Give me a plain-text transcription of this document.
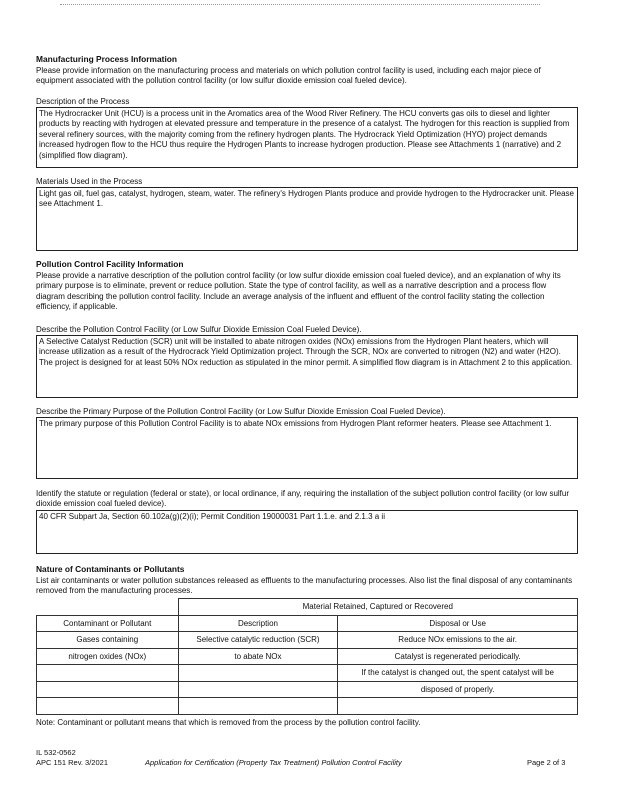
Manufacturing Process Information
Please provide information on the manufacturing process and materials on which pollution control facility is used, including each major piece of equipment associated with the pollution control facility (or low sulfur dioxide emission coal fueled device).
Description of the Process
The Hydrocracker Unit (HCU) is a process unit in the Aromatics area of the Wood River Refinery. The HCU converts gas oils to diesel and lighter products by reacting with hydrogen at elevated pressure and temperature in the presence of a catalyst. The hydrogen for this reaction is supplied from several refinery sources, with the majority coming from the refinery hydrogen plants. The Hydrocrack Yield Optimization (HYO) project demands increased hydrogen flow to the HCU thus require the Hydrogen Plants to increase hydrogen production. Please see Attachments 1 (narrative) and 2 (simplified flow diagram).
Materials Used in the Process
Light gas oil, fuel gas, catalyst, hydrogen, steam, water. The refinery's Hydrogen Plants produce and provide hydrogen to the Hydrocracker unit. Please see Attachment 1.
Pollution Control Facility Information
Please provide a narrative description of the pollution control facility (or low sulfur dioxide emission coal fueled device), and an explanation of why its primary purpose is to eliminate, prevent or reduce pollution. State the type of control facility, as well as a narrative description and a process flow diagram describing the pollution control facility. Include an average analysis of the influent and effluent of the control facility stating the collection efficiency, if applicable.
Describe the Pollution Control Facility (or Low Sulfur Dioxide Emission Coal Fueled Device).
A Selective Catalyst Reduction (SCR) unit will be installed to abate nitrogen oxides (NOx) emissions from the Hydrogen Plant heaters, which will increase utilization as a result of the Hydrocrack Yield Optimization project. Through the SCR, NOx are converted to nitrogen (N2) and water (H2O). The project is designed for at least 50% NOx reduction as stipulated in the minor permit. A simplified flow diagram is in Attachment 2 to this application.
Describe the Primary Purpose of the Pollution Control Facility (or Low Sulfur Dioxide Emission Coal Fueled Device).
The primary purpose of this Pollution Control Facility is to abate NOx emissions from Hydrogen Plant reformer heaters. Please see Attachment 1.
Identify the statute or regulation (federal or state), or local ordinance, if any, requiring the installation of the subject pollution control facility (or low sulfur dioxide emission coal fueled device).
40 CFR Subpart Ja, Section 60.102a(g)(2)(i); Permit Condition 19000031 Part 1.1.e. and 2.1.3 a ii
Nature of Contaminants or Pollutants
List air contaminants or water pollution substances released as effluents to the manufacturing processes. Also list the final disposal of any contaminants removed from the manufacturing processes.
	Material Retained, Captured or Recovered	
Contaminant or Pollutant	Description	Disposal or Use
Gases containing	Selective catalytic reduction (SCR)	Reduce NOx emissions to the air.
nitrogen oxides (NOx)	to abate NOx	Catalyst is regenerated periodically.
		If the catalyst is changed out, the spent catalyst will be
		disposed of properly.

Note: Contaminant or pollutant means that which is removed from the process by the pollution control facility.
IL 532-0562
APC 151 Rev. 3/2021	Application for Certification (Property Tax Treatment) Pollution Control Facility	Page 2 of 3
